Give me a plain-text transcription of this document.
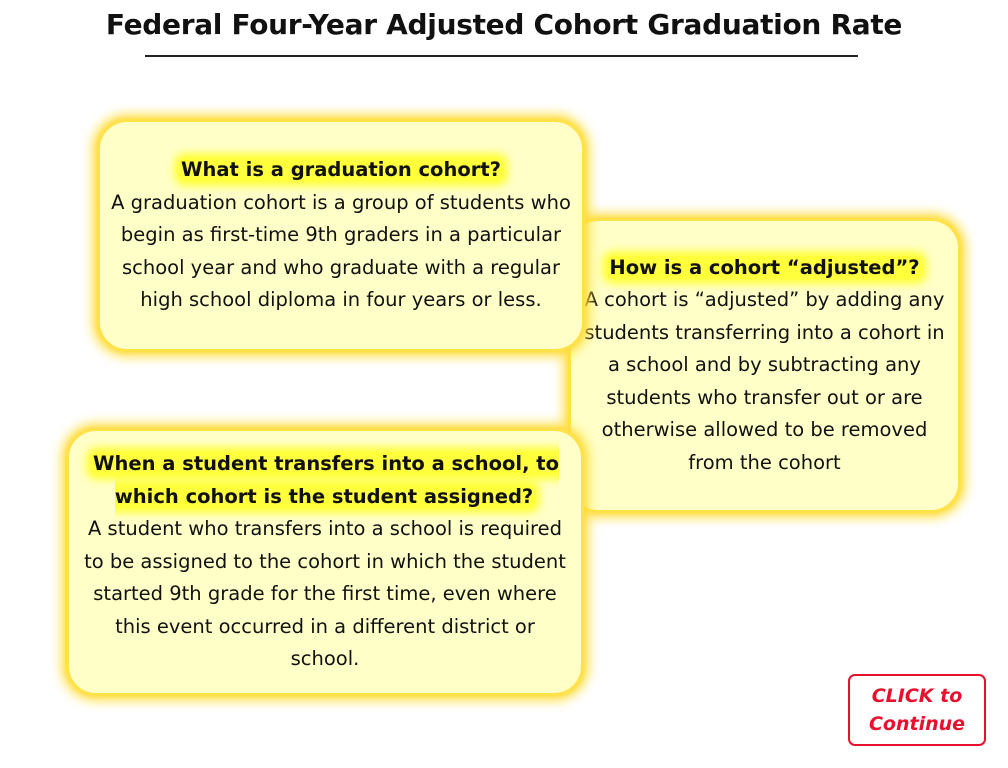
Federal Four-Year Adjusted Cohort Graduation Rate
What is a graduation cohort?
A graduation cohort is a group of students who begin as first-time 9th graders in a particular school year and who graduate with a regular high school diploma in four years or less.
How is a cohort “adjusted”?
A cohort is “adjusted” by adding any students transferring into a cohort in a school and by subtracting any students who transfer out or are otherwise allowed to be removed from the cohort
When a student transfers into a school, to which cohort is the student assigned?
A student who transfers into a school is required to be assigned to the cohort in which the student started 9th grade for the first time, even where this event occurred in a different district or school.
CLICK to Continue
